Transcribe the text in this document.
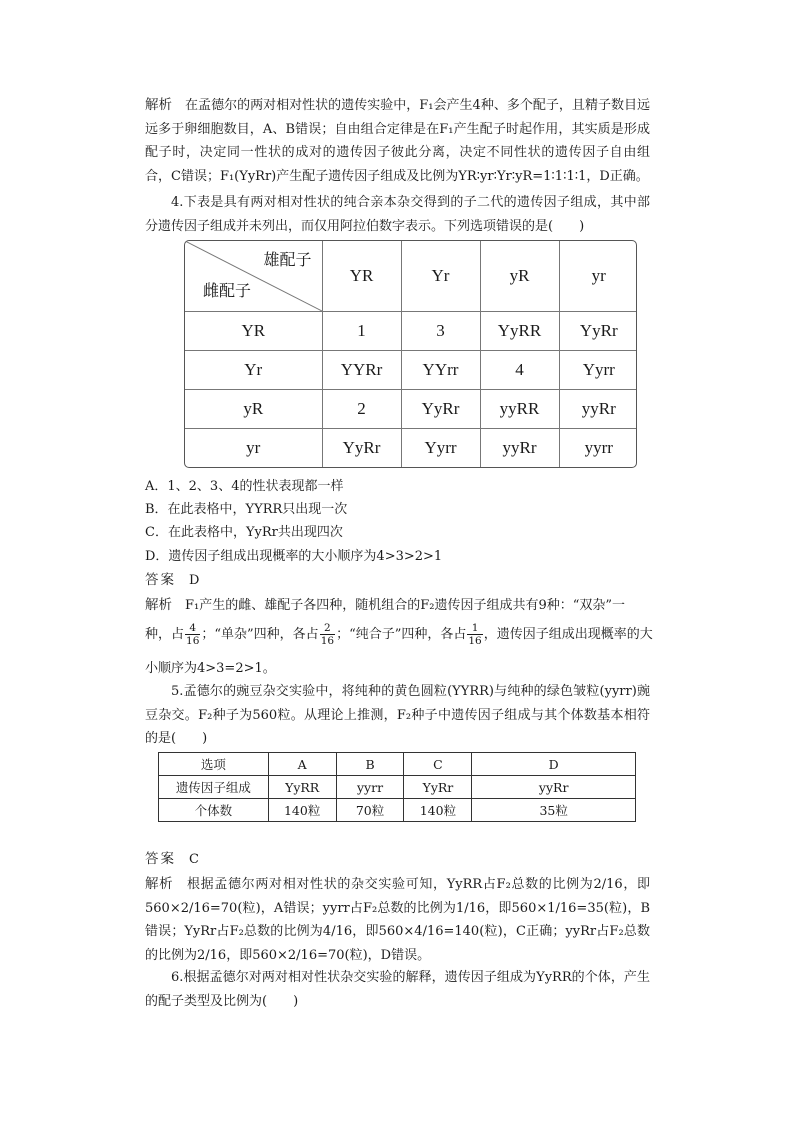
解析　在孟德尔的两对相对性状的遗传实验中，F₁会产生4种、多个配子，且精子数目远远多于卵细胞数目，A、B错误；自由组合定律是在F₁产生配子时起作用，其实质是形成配子时，决定同一性状的成对的遗传因子彼此分离，决定不同性状的遗传因子自由组合，C错误；F₁(YyRr)产生配子遗传因子组成及比例为YR∶yr∶Yr∶yR=1∶1∶1∶1，D正确。
4.下表是具有两对相对性状的纯合亲本杂交得到的子二代的遗传因子组成，其中部分遗传因子组成并未列出，而仅用阿拉伯数字表示。下列选项错误的是(　　)
雄配子
雌配子	YR	Yr	yR	yr
YR	1	3	YyRR	YyRr
Yr	YYRr	YYrr	4	Yyrr
yR	2	YyRr	yyRR	yyRr
yr	YyRr	Yyrr	yyRr	yyrr
A．1、2、3、4的性状表现都一样
B．在此表格中，YYRR只出现一次
C．在此表格中，YyRr共出现四次
D．遗传因子组成出现概率的大小顺序为4>3>2>1
答案　 D
解析　 F₁产生的雌、雄配子各四种，随机组合的F₂遗传因子组成共有9种：“双杂”一
种，占 $\frac{4}{16}$ ；“单杂”四种，各占 $\frac{2}{16}$ ；“纯合子”四种，各占 $\frac{1}{16}$ ，遗传因子组成出现概率的大
小顺序为4>3=2>1。
5.孟德尔的豌豆杂交实验中，将纯种的黄色圆粒(YYRR)与纯种的绿色皱粒(yyrr)豌豆杂交。F₂种子为560粒。从理论上推测，F₂种子中遗传因子组成与其个体数基本相符的是(　　)
选项	A	B	C	D
遗传因子组成	YyRR	yyrr	YyRr	yyRr
个体数	140粒	70粒	140粒	35粒
答案　 C
解析　根据孟德尔两对相对性状的杂交实验可知，YyRR占F₂总数的比例为2/16，即560×2/16=70(粒)，A错误；yyrr占F₂总数的比例为1/16，即560×1/16=35(粒)，B错误；YyRr占F₂总数的比例为4/16，即560×4/16=140(粒)，C正确；yyRr占F₂总数的比例为2/16，即560×2/16=70(粒)，D错误。
6.根据孟德尔对两对相对性状杂交实验的解释，遗传因子组成为YyRR的个体，产生的配子类型及比例为(　　)
